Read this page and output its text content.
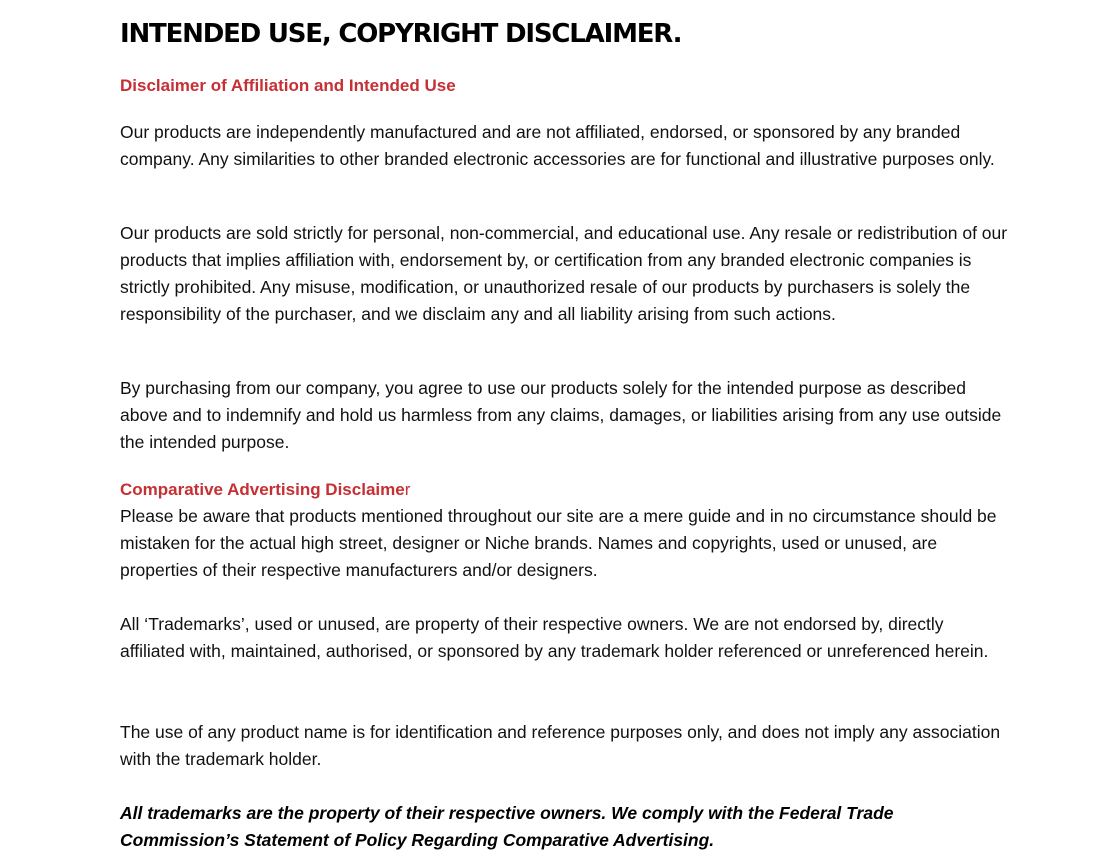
INTENDED USE, COPYRIGHT DISCLAIMER.
Disclaimer of Affiliation and Intended Use

Our products are independently manufactured and are not affiliated, endorsed, or sponsored by any branded company. Any similarities to other branded electronic accessories are for functional and illustrative purposes only.

Our products are sold strictly for personal, non-commercial, and educational use. Any resale or redistribution of our products that implies affiliation with, endorsement by, or certification from any branded electronic companies is strictly prohibited. Any misuse, modification, or unauthorized resale of our products by purchasers is solely the responsibility of the purchaser, and we disclaim any and all liability arising from such actions.

By purchasing from our company, you agree to use our products solely for the intended purpose as described above and to indemnify and hold us harmless from any claims, damages, or liabilities arising from any use outside the intended purpose.

Comparative Advertising Disclaimer

Please be aware that products mentioned throughout our site are a mere guide and in no circumstance should be mistaken for the actual high street, designer or Niche brands. Names and copyrights, used or unused, are properties of their respective manufacturers and/or designers.

All ‘Trademarks’, used or unused, are property of their respective owners. We are not endorsed by, directly affiliated with, maintained, authorised, or sponsored by any trademark holder referenced or unreferenced herein.

The use of any product name is for identification and reference purposes only, and does not imply any association with the trademark holder.

All trademarks are the property of their respective owners. We comply with the Federal Trade Commission’s Statement of Policy Regarding Comparative Advertising.
